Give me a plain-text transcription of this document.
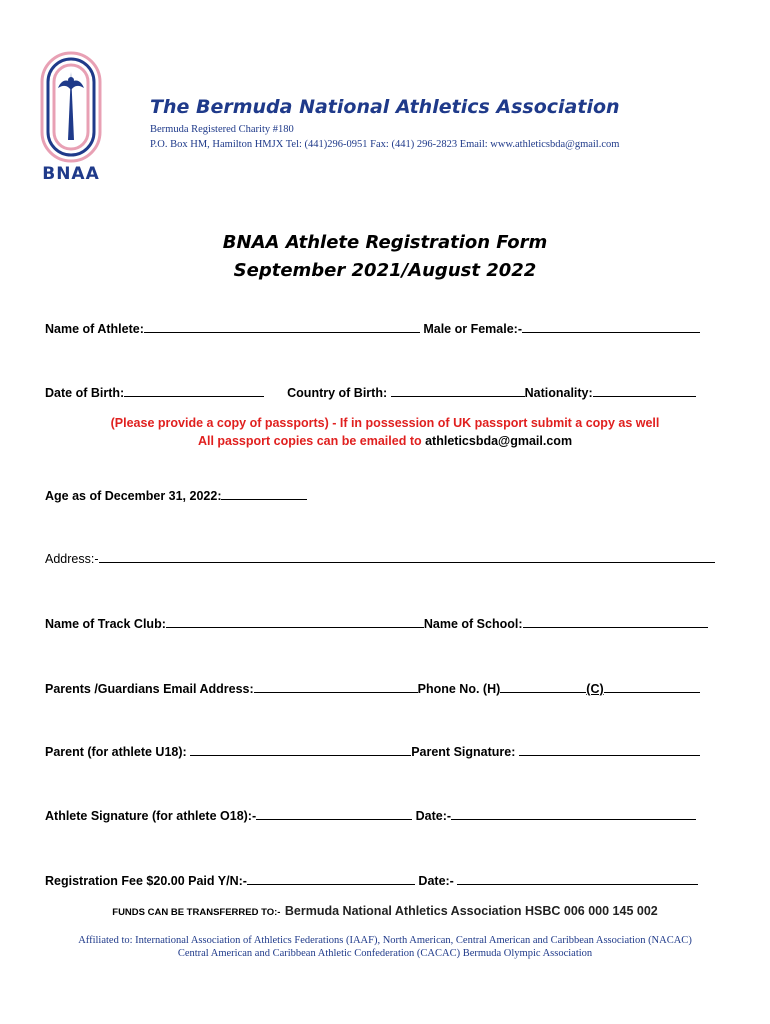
BNAA
The Bermuda National Athletics Association
Bermuda Registered Charity #180
P.O. Box HM, Hamilton HMJX Tel: (441)296-0951 Fax: (441) 296-2823 Email: www.athleticsbda@gmail.com
BNAA Athlete Registration Form
September 2021/August 2022
Name of Athlete:	Male or Female:-
Date of Birth:	Country of Birth:	Nationality:
(Please provide a copy of passports) - If in possession of UK passport submit a copy as well
All passport copies can be emailed to athleticsbda@gmail.com
Age as of December 31, 2022:
Address:-
Name of Track Club:	Name of School:
Parents /Guardians Email Address:	Phone No. (H)	(C)
Parent (for athlete U18):	Parent Signature:
Athlete Signature (for athlete O18):-	Date:-
Registration Fee $20.00 Paid Y/N:-	Date:-
FUNDS CAN BE TRANSFERRED TO:- Bermuda National Athletics Association HSBC 006 000 145 002
Affiliated to: International Association of Athletics Federations (IAAF), North American, Central American and Caribbean Association (NACAC)
Central American and Caribbean Athletic Confederation (CACAC) Bermuda Olympic Association
